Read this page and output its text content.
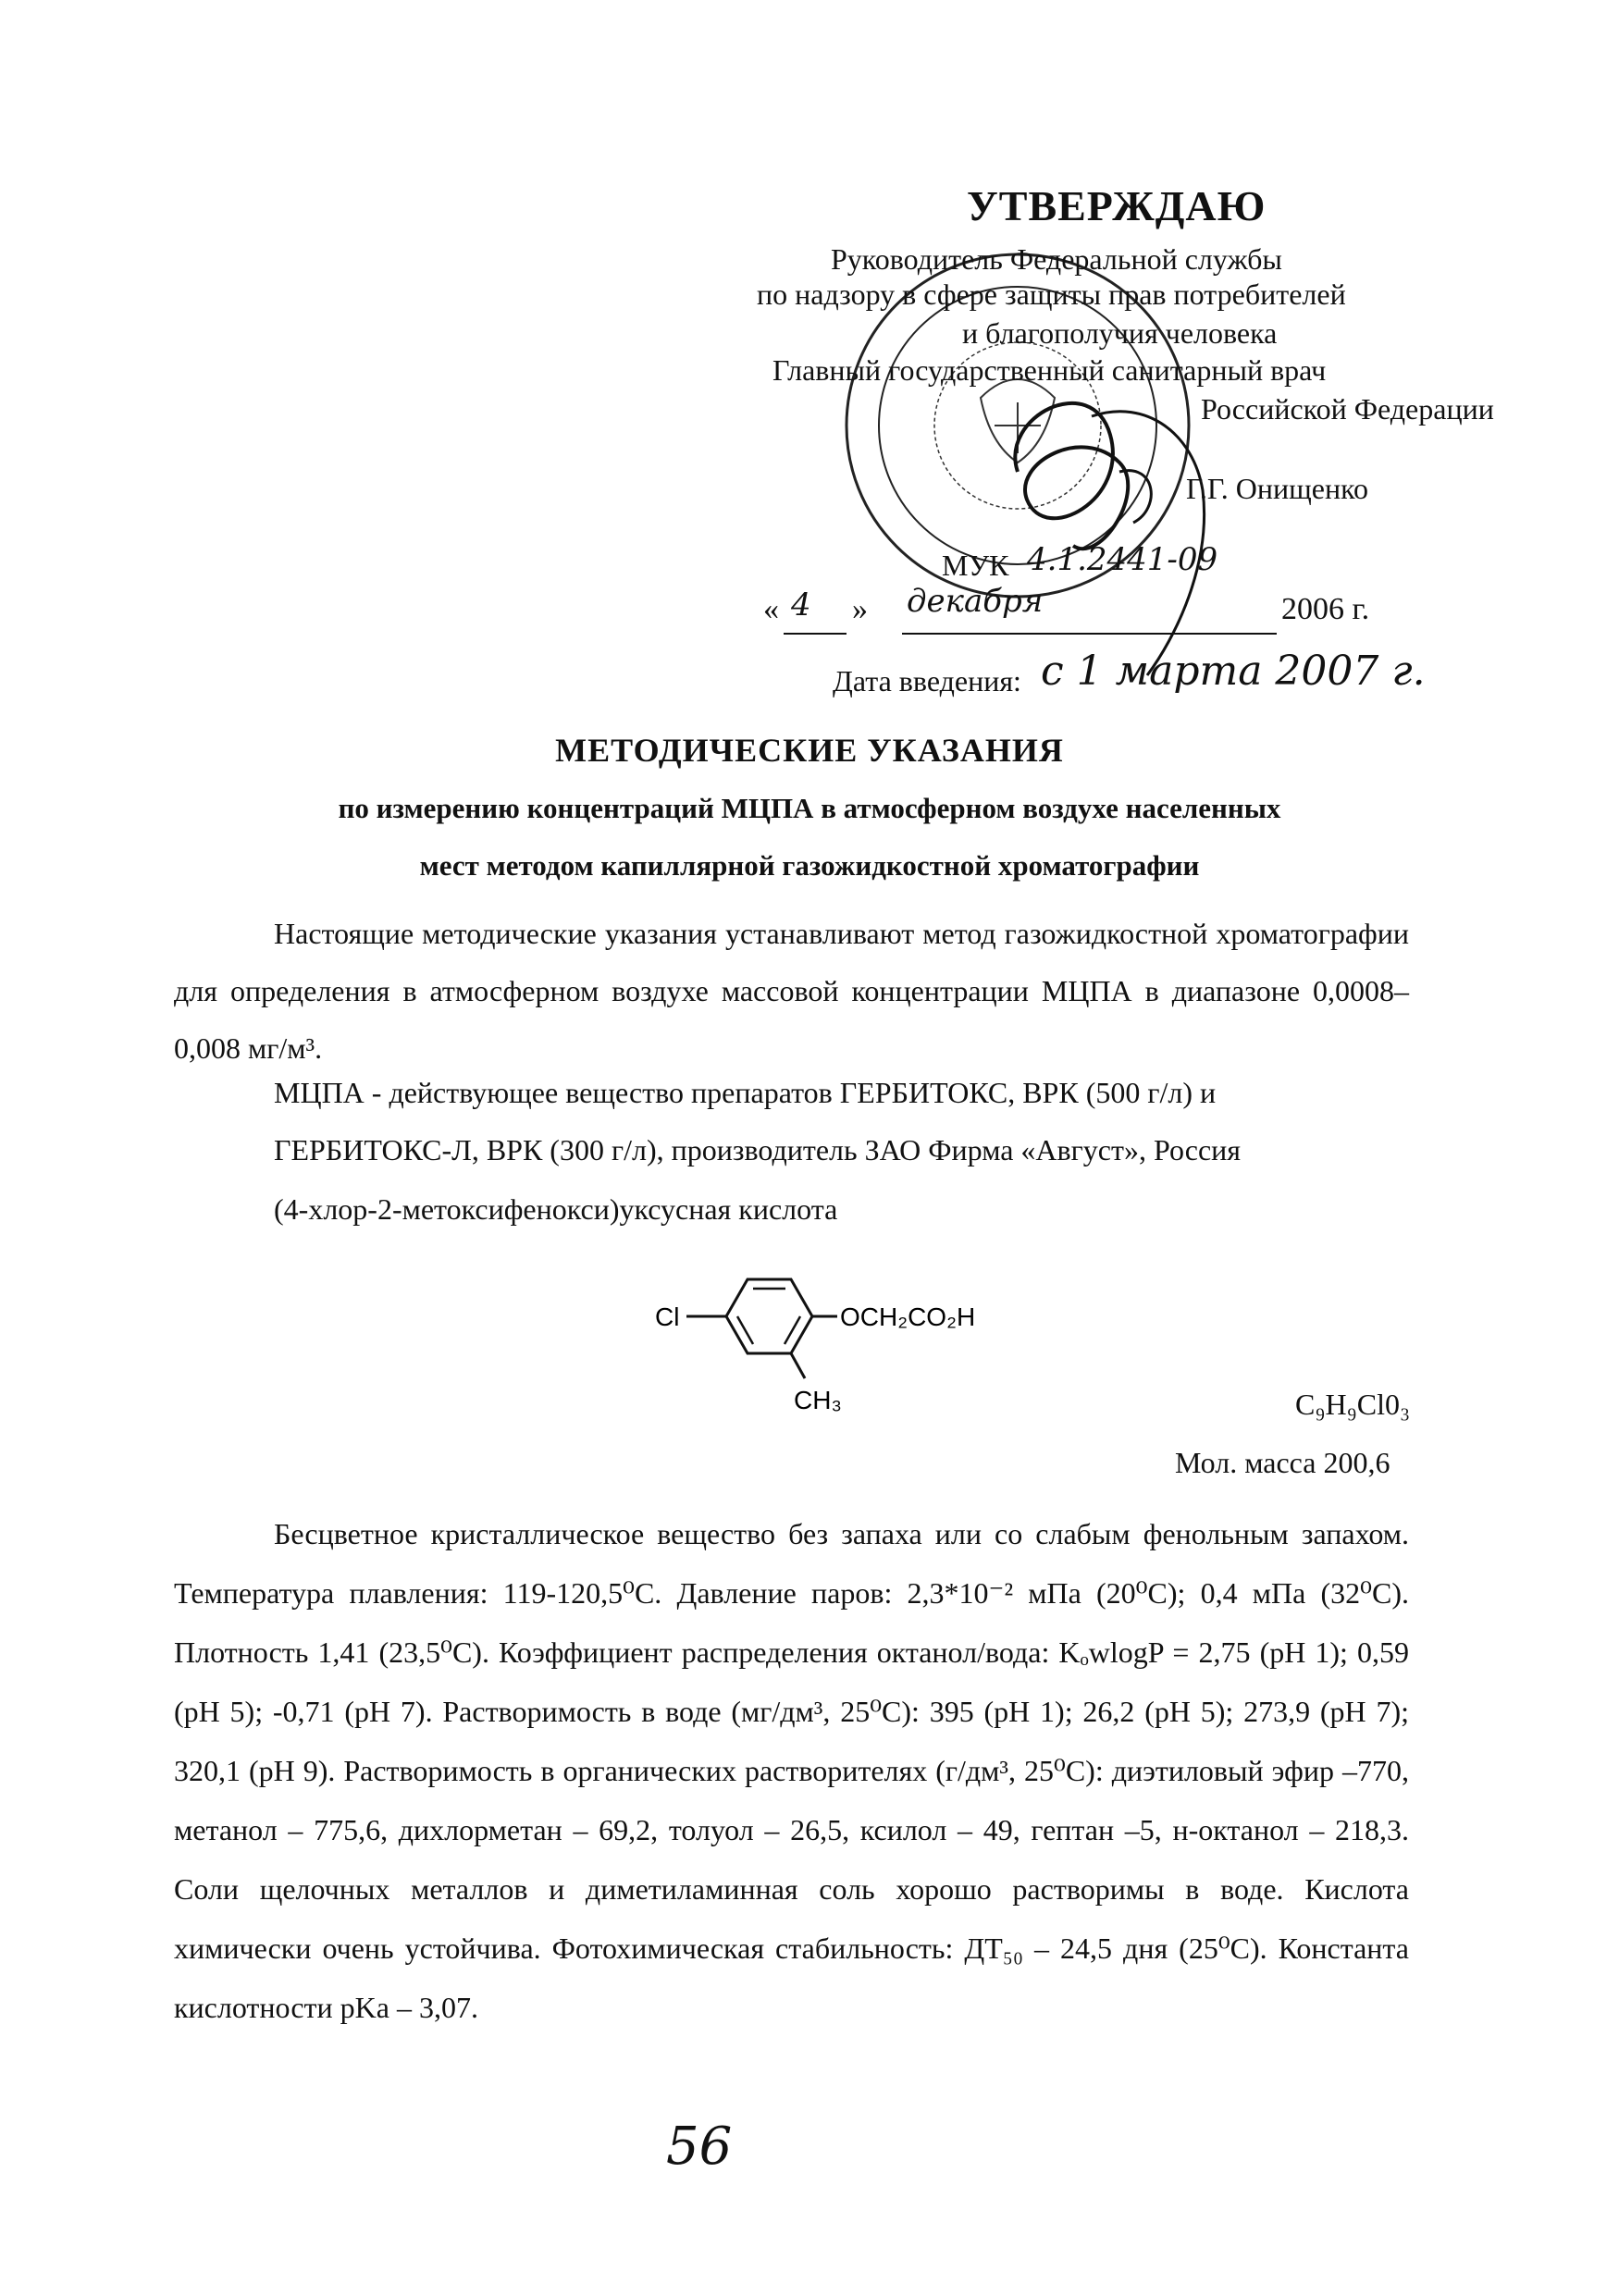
УТВЕРЖДАЮ
Руководитель Федеральной службы
по надзору в сфере защиты прав потребителей
и благополучия человека
Главный государственный санитарный врач
Российской Федерации
Г.Г. Онищенко
МУК 4.1.2441-09
« 4 » декабря	2006 г.
Дата введения: с 1 марта 2007 г.
МЕТОДИЧЕСКИЕ УКАЗАНИЯ
по измерению концентраций МЦПА в атмосферном воздухе населенных
мест методом капиллярной газожидкостной хроматографии
Настоящие методические указания устанавливают метод газожидкостной хроматографии для определения в атмосферном воздухе массовой концентрации МЦПА в диапазоне 0,0008– 0,008 мг/м³.
МЦПА - действующее вещество препаратов ГЕРБИТОКС, ВРК (500 г/л) и
ГЕРБИТОКС-Л, ВРК (300 г/л), производитель ЗАО Фирма «Август», Россия
(4-хлор-2-метоксифенокси)уксусная кислота
Cl	OCH₂CO₂H
CH₃	C₉H₉Cl0₃
Мол. масса 200,6
Бесцветное кристаллическое вещество без запаха или со слабым фенольным запахом. Температура плавления: 119-120,5⁰С. Давление паров: 2,3*10⁻² мПа (20⁰С); 0,4 мПа (32⁰С). Плотность 1,41 (23,5⁰С). Коэффициент распределения октанол/вода: KₒwlogP = 2,75 (pH 1); 0,59 (pH 5); -0,71 (pH 7). Растворимость в воде (мг/дм³, 25⁰С): 395 (pH 1); 26,2 (pH 5); 273,9 (pH 7); 320,1 (pH 9). Растворимость в органических растворителях (г/дм³, 25⁰С): диэтиловый эфир –770, метанол – 775,6, дихлорметан – 69,2, толуол – 26,5, ксилол – 49, гептан –5, н-октанол – 218,3. Соли щелочных металлов и диметиламинная соль хорошо растворимы в воде. Кислота химически очень устойчива. Фотохимическая стабильность: ДТ₅₀ – 24,5 дня (25⁰С). Константа кислотности pKa – 3,07.
56
